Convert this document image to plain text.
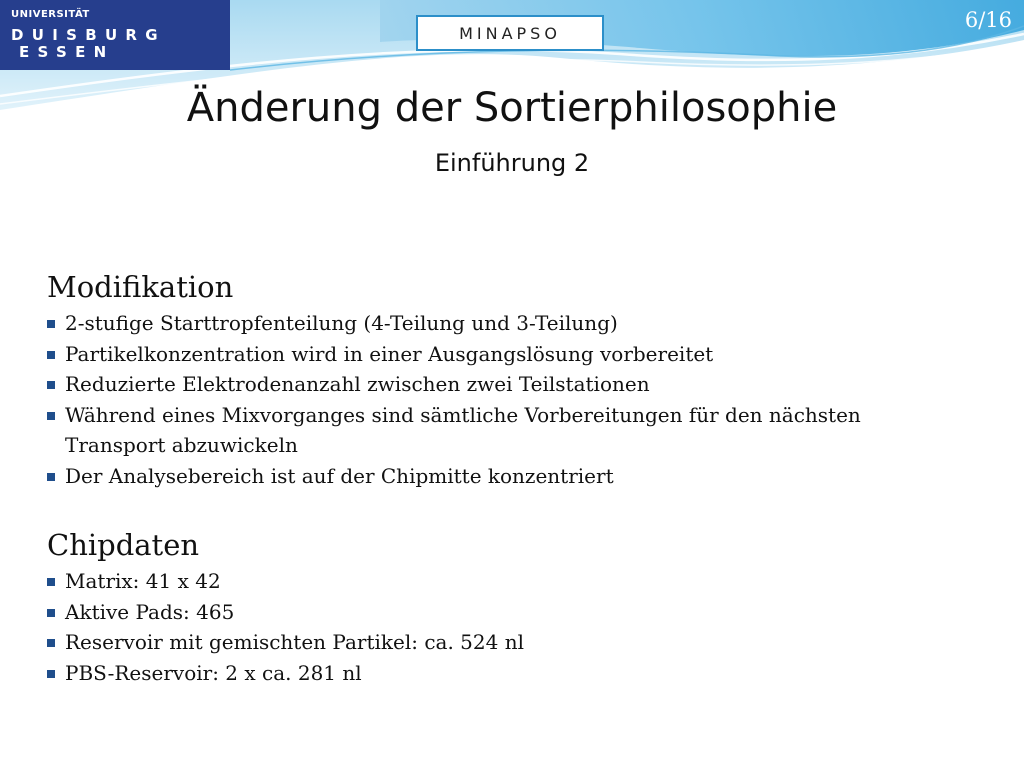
UNIVERSITÄT
DUISBURG
ESSEN
MINAPSO
6/16
Änderung der Sortierphilosophie
Einführung 2
Modifikation
2-stufige Starttropfenteilung (4-Teilung und 3-Teilung)
Partikelkonzentration wird in einer Ausgangslösung vorbereitet
Reduzierte Elektrodenanzahl zwischen zwei Teilstationen
Während eines Mixvorganges sind sämtliche Vorbereitungen für den nächsten Transport abzuwickeln
Der Analysebereich ist auf der Chipmitte konzentriert
Chipdaten
Matrix: 41 x 42
Aktive Pads: 465
Reservoir mit gemischten Partikel: ca. 524 nl
PBS-Reservoir: 2 x ca. 281 nl
